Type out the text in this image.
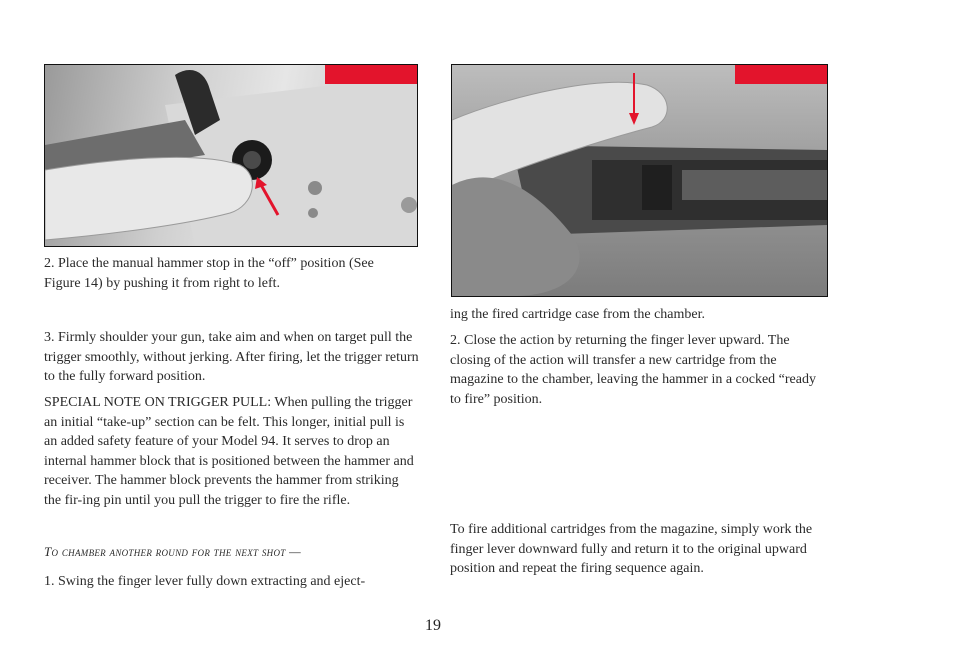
2. Place the manual hammer stop in the “off” position (See Figure 14) by pushing it from right to left.

3. Firmly shoulder your gun, take aim and when on target pull the trigger smoothly, without jerking. After firing, let the trigger return to the fully forward position.

SPECIAL NOTE ON TRIGGER PULL: When pulling the trigger an initial “take-up” section can be felt. This longer, initial pull is an added safety feature of your Model 94. It serves to drop an internal hammer block that is positioned between the hammer and receiver. The hammer block prevents the hammer from striking the fir-ing pin until you pull the trigger to fire the rifle.

To chamber another round for the next shot —

1. Swing the finger lever fully down extracting and eject-

ing the fired cartridge case from the chamber.

2. Close the action by returning the finger lever upward. The closing of the action will transfer a new cartridge from the magazine to the chamber, leaving the hammer in a cocked “ready to fire” position.

To fire additional cartridges from the magazine, simply work the finger lever downward fully and return it to the original upward position and repeat the firing sequence again.

19
